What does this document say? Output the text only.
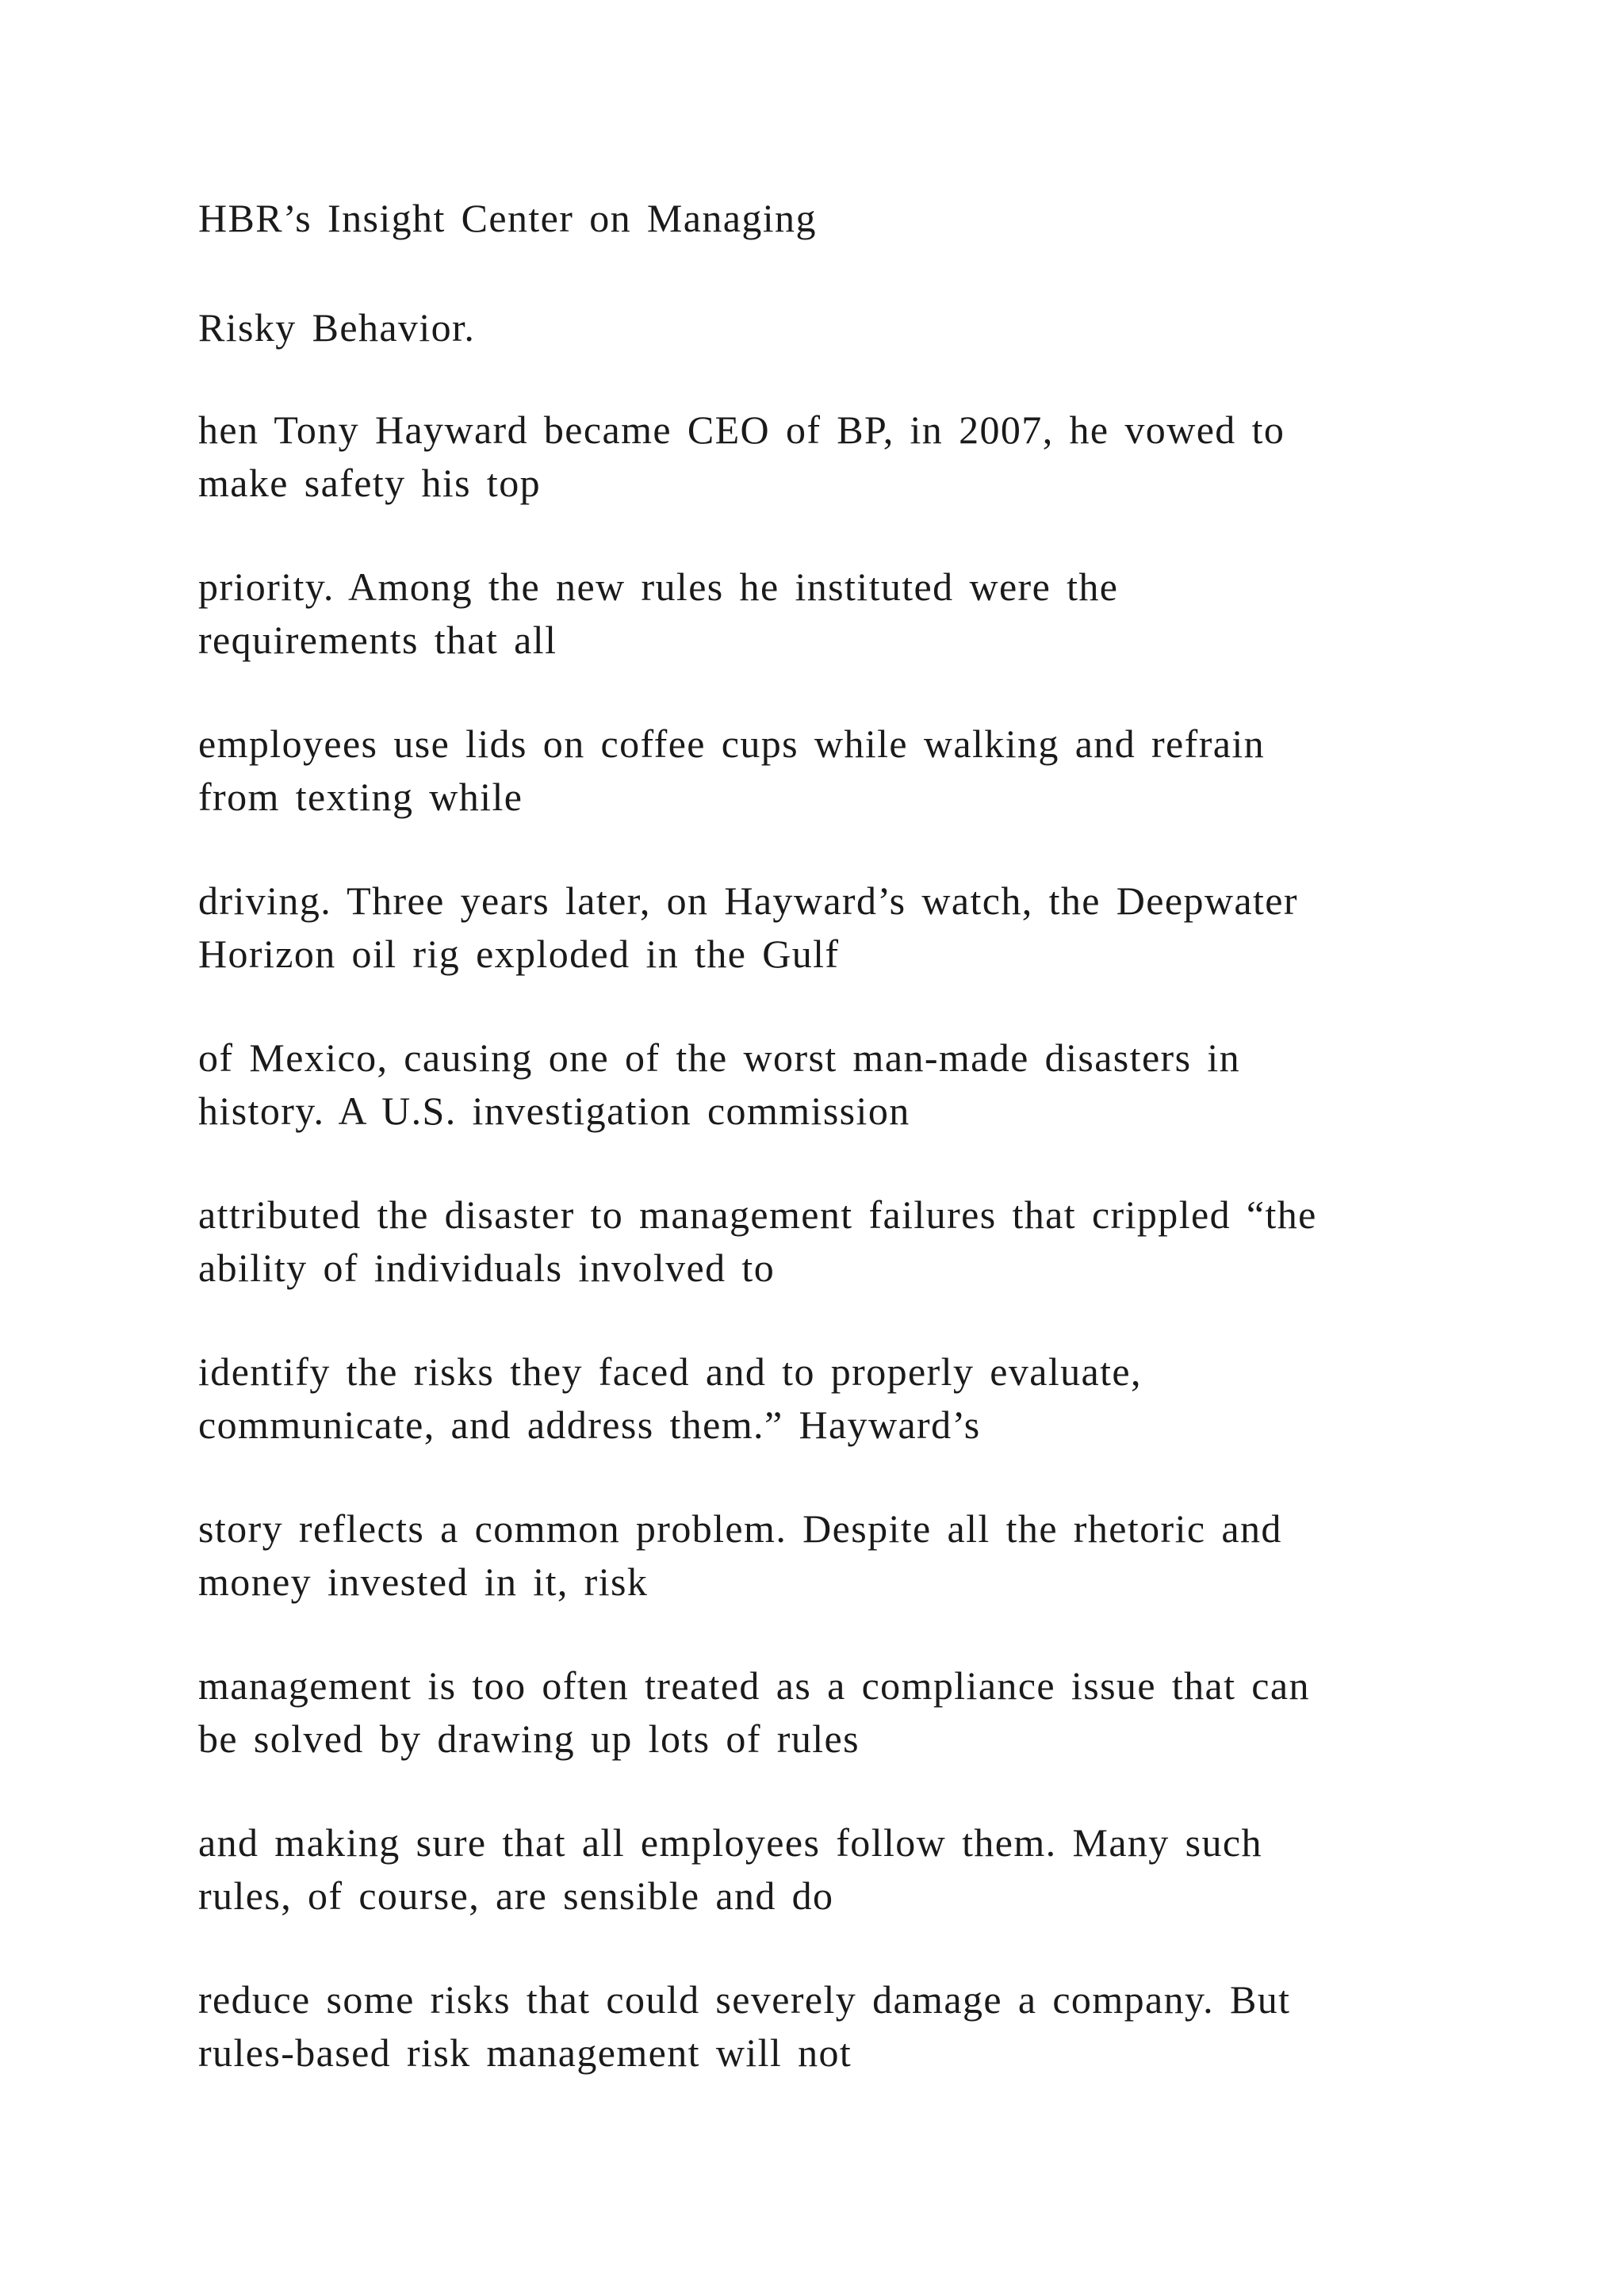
HBR’s Insight Center on Managing

Risky Behavior.

hen Tony Hayward became CEO of BP, in 2007, he vowed to
make safety his top

priority. Among the new rules he instituted were the
requirements that all

employees use lids on coffee cups while walking and refrain
from texting while

driving. Three years later, on Hayward’s watch, the Deepwater
Horizon oil rig exploded in the Gulf

of Mexico, causing one of the worst man-made disasters in
history. A U.S. investigation commission

attributed the disaster to management failures that crippled “the
ability of individuals involved to

identify the risks they faced and to properly evaluate,
communicate, and address them.” Hayward’s

story reflects a common problem. Despite all the rhetoric and
money invested in it, risk

management is too often treated as a compliance issue that can
be solved by drawing up lots of rules

and making sure that all employees follow them. Many such
rules, of course, are sensible and do

reduce some risks that could severely damage a company. But
rules-based risk management will not
